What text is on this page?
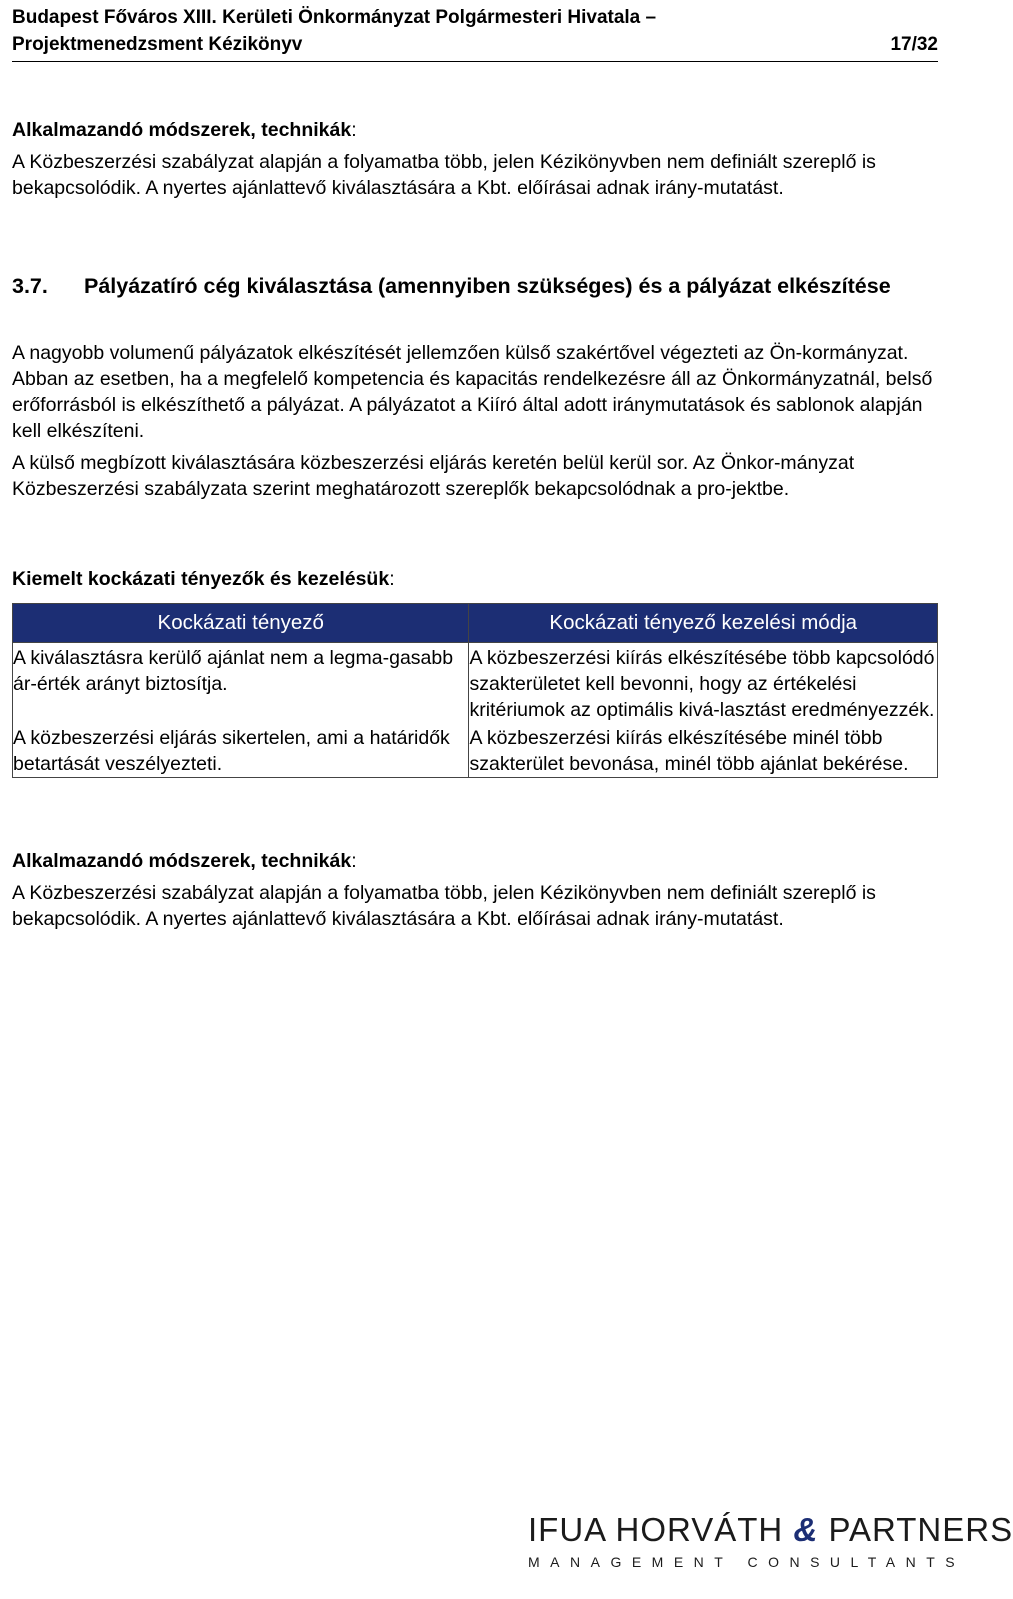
Budapest Főváros XIII. Kerületi Önkormányzat Polgármesteri Hivatala –
Projektmenedzsment Kézikönyv	17/32

Alkalmazandó módszerek, technikák:

A Közbeszerzési szabályzat alapján a folyamatba több, jelen Kézikönyvben nem definiált szereplő is bekapcsolódik. A nyertes ajánlattevő kiválasztására a Kbt. előírásai adnak irány-mutatást.

3.7.	Pályázatíró cég kiválasztása (amennyiben szükséges) és a pályázat elkészítése

A nagyobb volumenű pályázatok elkészítését jellemzően külső szakértővel végezteti az Ön-kormányzat. Abban az esetben, ha a megfelelő kompetencia és kapacitás rendelkezésre áll az Önkormányzatnál, belső erőforrásból is elkészíthető a pályázat. A pályázatot a Kiíró által adott iránymutatások és sablonok alapján kell elkészíteni.

A külső megbízott kiválasztására közbeszerzési eljárás keretén belül kerül sor. Az Önkor-mányzat Közbeszerzési szabályzata szerint meghatározott szereplők bekapcsolódnak a pro-jektbe.

Kiemelt kockázati tényezők és kezelésük:

Kockázati tényező	Kockázati tényező kezelési módja
A kiválasztásra kerülő ajánlat nem a legma-gasabb ár-érték arányt biztosítja.	A közbeszerzési kiírás elkészítésébe több kapcsolódó szakterületet kell bevonni, hogy az értékelési kritériumok az optimális kivá-lasztást eredményezzék.
A közbeszerzési eljárás sikertelen, ami a határidők betartását veszélyezteti.	A közbeszerzési kiírás elkészítésébe minél több szakterület bevonása, minél több ajánlat bekérése.

Alkalmazandó módszerek, technikák:

A Közbeszerzési szabályzat alapján a folyamatba több, jelen Kézikönyvben nem definiált szereplő is bekapcsolódik. A nyertes ajánlattevő kiválasztására a Kbt. előírásai adnak irány-mutatást.

IFUA HORVÁTH & PARTNERS
MANAGEMENT CONSULTANTS
